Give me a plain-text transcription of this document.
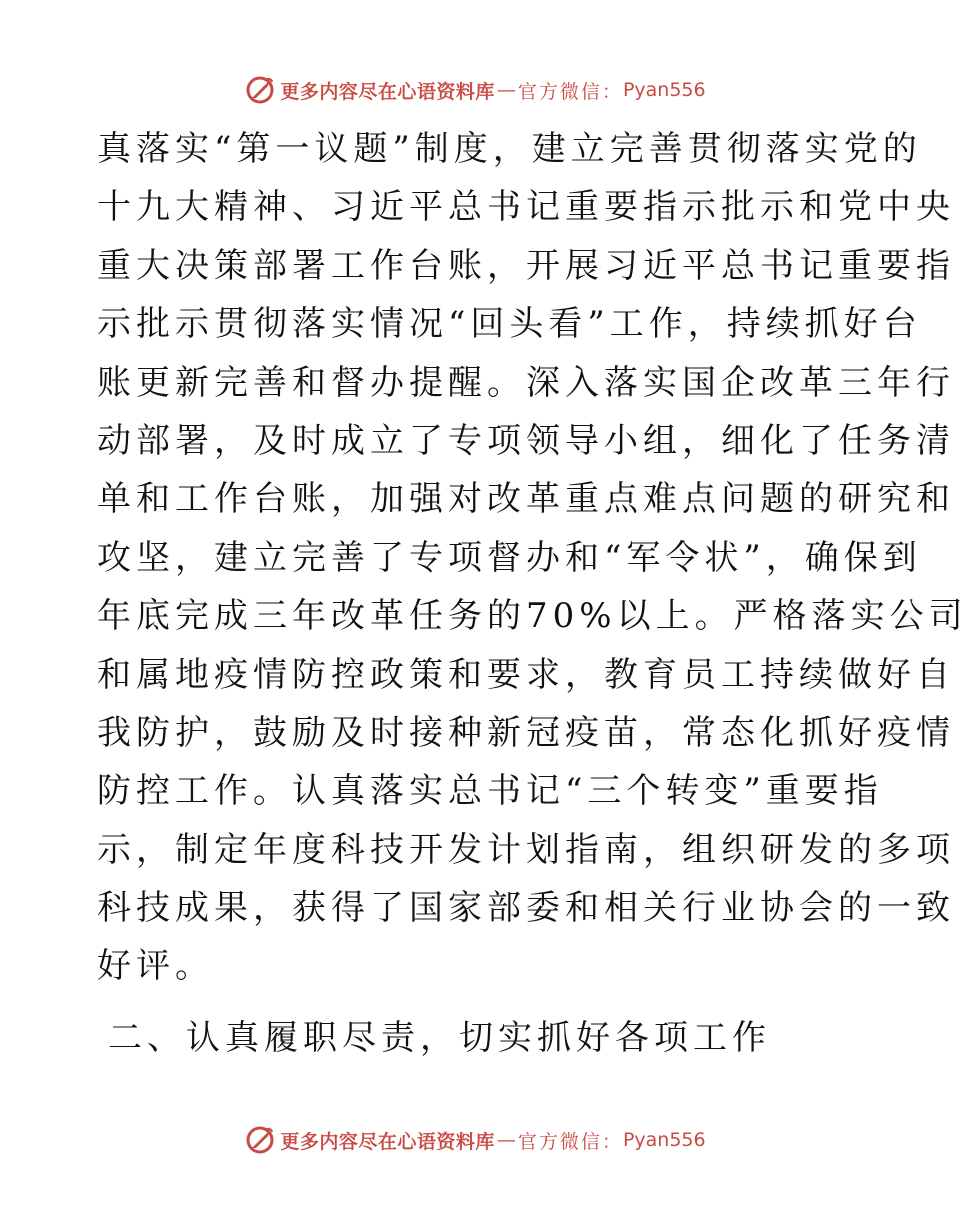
更多内容尽在心语资料库 — 官方微信： Pyan556
真落实“第一议题”制度，建立完善贯彻落实党的
十九大精神、习近平总书记重要指示批示和党中央
重大决策部署工作台账，开展习近平总书记重要指
示批示贯彻落实情况“回头看”工作，持续抓好台
账更新完善和督办提醒。深入落实国企改革三年行
动部署，及时成立了专项领导小组，细化了任务清
单和工作台账，加强对改革重点难点问题的研究和
攻坚，建立完善了专项督办和“军令状”，确保到
年底完成三年改革任务的70%以上。严格落实公司
和属地疫情防控政策和要求，教育员工持续做好自
我防护，鼓励及时接种新冠疫苗，常态化抓好疫情
防控工作。认真落实总书记“三个转变”重要指
示，制定年度科技开发计划指南，组织研发的多项
科技成果，获得了国家部委和相关行业协会的一致
好评。
二、认真履职尽责，切实抓好各项工作
更多内容尽在心语资料库 — 官方微信： Pyan556
